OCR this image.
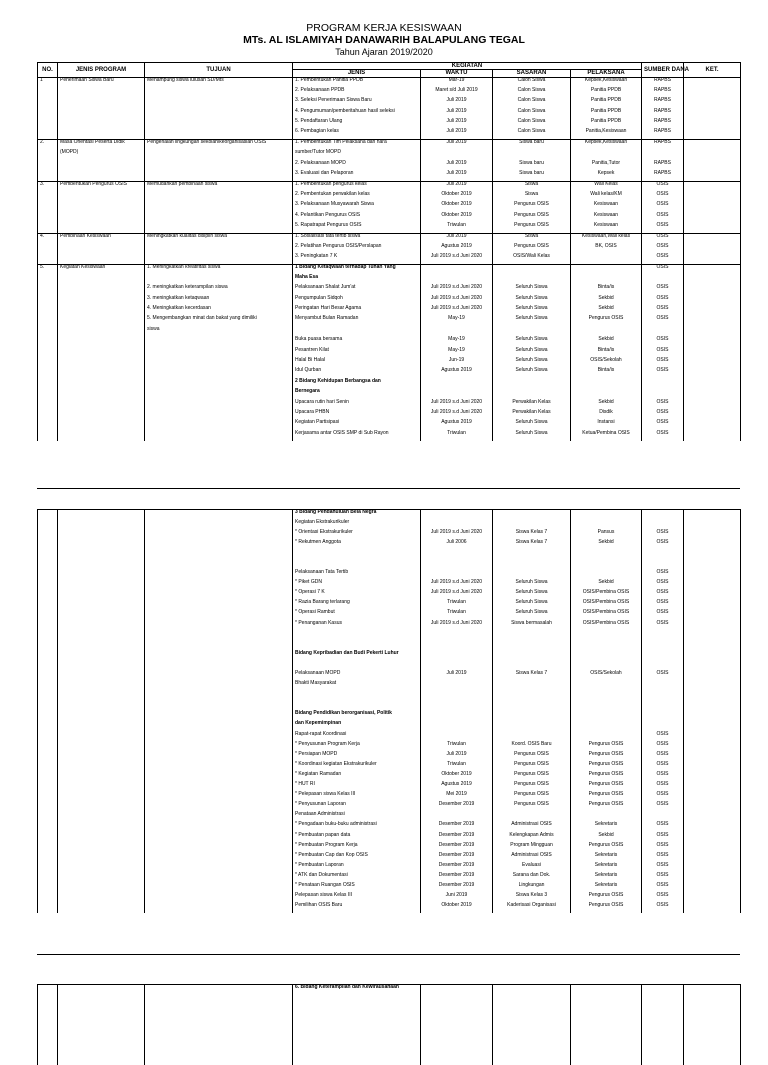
PROGRAM KERJA KESISWAAN
MTs. AL ISLAMIYAH DANAWARIH BALAPULANG TEGAL
Tahun Ajaran 2019/2020
NO.	JENIS PROGRAM	TUJUAN	KEGIATAN				SUMBER DANA	KET.
			JENIS	WAKTU	SASARAN	PELAKSANA		
1	Penerimaan Siswa Baru	Menampung siswa lulusan SD/Mts	1. Pembentukan Panitia PPDB	Mar-19	Calon Siswa	Kepsek,Kesiswaan	RAPBS	
			2. Pelaksanaan PPDB	Maret s/d Juli 2019	Calon Siswa	Panitia PPDB	RAPBS	
			3. Seleksi Penerimaan Siswa Baru	Juli 2019	Calon Siswa	Panitia PPDB	RAPBS	
			4. Pengumuman/pemberitahuan hasil seleksi	Juli 2019	Calon Siswa	Panitia PPDB	RAPBS	
			5. Pendaftaran Ulang	Juli 2019	Calon Siswa	Panitia PPDB	RAPBS	
			6. Pembagian kelas	Juli 2019	Calon Siswa	Panitia,Kesiswaan	RAPBS	
2.	Masa Orientasi Peserta Didik	Pengenalan lingkungan sekolah/keorganisasian OSIS	1. Pembentukan Tim Pelaksana dan nara	Juli 2019	Siswa baru	Kepsek,Kesiswaan	RAPBS	
	(MOPD)		sumber/Tutor MOPD					
			2. Pelaksanaan MOPD	Juli 2019	Siswa baru	Panitia,Tutor	RAPBS	
			3. Evaluasi dan Pelaporan	Juli 2019	Siswa baru	Kepsek	RAPBS	
3.	Pembentukan Pengurus OSIS	Memudahkan pembinaan siswa	1. Pembentukan pengurus kelas	Juli 2019	Siswa	Wali Kelas	OSIS	
			2. Pembentukan perwakilan kelas	Oktober 2019	Siswa	Wali kelas/KM	OSIS	
			3. Pelaksanaan Musyawarah Siswa	Oktober 2019	Pengurus OSIS	Kesiswaan	OSIS	
			4. Pelantikan Pengurus OSIS	Oktober 2019	Pengurus OSIS	Kesiswaan	OSIS	
			5. Rapatrapat Pengurus OSIS	Triwulan	Pengurus OSIS	Kesiswaan	OSIS	
4.	Pembinaan Kesiswaan	Meningkatkan kualitas disiplin siswa	1. Sosialisasi tata tertib siswa	Juli 2019	Siswa	Kesiswaan,Wali kelas	OSIS	
			2. Pelatihan Pengurus OSIS/Perslapan	Agustus 2019	Pengurus OSIS	BK, OSIS	OSIS	
			3. Peningkatan 7 K	Juli 2019 s.d Juni 2020	OSIS/Wali Kelas		OSIS	
5.	Kegiatan Kesiswaan	1. Meningkatkan kreatifitas siswa	1 Bidang Ketaqwaan terhadap Tuhan Yang				OSIS	
			Maha Esa					
		2. meningkatkan keterampilan siswa	Pelaksanaan Shalat Jum'at	Juli 2019 s.d Juni 2020	Seluruh Siswa	Binta/is	OSIS	
		3. meningkatkan ketaqwaan	Pengumpulan Sidqoh	Juli 2019 s.d Juni 2020	Seluruh Siswa	Sekbid	OSIS	
		4. Meningkatkan kecerdasan	Peringatan Hari Besar Agama	Juli 2019 s.d Juni 2020	Seluruh Siswa	Sekbid	OSIS	
		5. Mengembangkan minat dan bakat yang dimiliki	Menyambut Bulan Ramadan	May-19	Seluruh Siswa	Pengurus OSIS	OSIS	
		siswa						
			Buka puasa bersama	May-19	Seluruh Siswa	Sekbid	OSIS	
			Pesantren Kilat	May-19	Seluruh Siswa	Binta/is	OSIS	
			Halal Bi Halal	Jun-19	Seluruh Siswa	OSIS/Sekolah	OSIS	
			Idul Qurban	Agustus 2019	Seluruh Siswa	Binta/is	OSIS	
			2 Bidang Kehidupan Berbangsa dan					
			Bernegara					
			Upacara rutin hari Senin	Juli 2019 s.d Juni 2020	Perwakilan Kelas	Sekbid	OSIS	
			Upacara PHBN	Juli 2019 s.d Juni 2020	Perwakilan Kelas	Disdik	OSIS	
			Kegiatan Partisipasi	Agustus 2019	Seluruh Siswa	Instansi	OSIS	
			Kerjasama antar OSIS SMP di Sub Rayon	Triwulan	Seluruh Siswa	Ketua/Pembina OSIS	OSIS	
			3 Bidang Pendahuluan Bela Negra					
			Kegiatan Ekstrakurikuler					
			* Orientasi Ekstrakurikuler	Juli 2019 s.d Juni 2020	Siswa Kelas 7	Pansus	OSIS	
			* Rekutmen Anggota	Juli 2006	Siswa Kelas 7	Sekbid	OSIS	

			Pelaksanaan Tata Tertib				OSIS	
			* Piket GDN	Juli 2019 s.d Juni 2020	Seluruh Siswa	Sekbid	OSIS	
			* Operasi 7 K	Juli 2019 s.d Juni 2020	Seluruh Siswa	OSIS/Pembina OSIS	OSIS	
			* Razia Barang terlarang	Triwulan	Seluruh Siswa	OSIS/Pembina OSIS	OSIS	
			* Operasi Rambut	Triwulan	Seluruh Siswa	OSIS/Pembina OSIS	OSIS	
			* Penanganan Kasus	Juli 2019 s.d Juni 2020	Siswa bermasalah	OSIS/Pembina OSIS	OSIS	

			Bidang Kepribadian dan Budi Pekerti Luhur					

			Pelaksanaan MOPD	Juli 2019	Siswa Kelas 7	OSIS/Sekolah	OSIS	
			Bhakti Masyarakat					

			Bidang Pendidikan berorganisasi, Politik					
			dan Kepemimpinan					
			Rapat-rapat Koordinasi				OSIS	
			* Penyusunan Program Kerja	Triwulan	Koord. OSIS Baru	Pengurus OSIS	OSIS	
			* Persiapan MOPD	Juli 2019	Pengurus OSIS	Pengurus OSIS	OSIS	
			* Koordinasi kegiatan Ekstrakurikuler	Triwulan	Pengurus OSIS	Pengurus OSIS	OSIS	
			* Kegiatan Ramadan	Oktober 2019	Pengurus OSIS	Pengurus OSIS	OSIS	
			* HUT RI	Agustus 2019	Pengurus OSIS	Pengurus OSIS	OSIS	
			* Pelepasan siswa Kelas III	Mei 2019	Pengurus OSIS	Pengurus OSIS	OSIS	
			* Penyusunan Laporan	Desember 2019	Pengurus OSIS	Pengurus OSIS	OSIS	
			Penataan Administrasi					
			* Pengadaan buku-buku administrasi	Desember 2019	Administrasi OSIS	Sekretaris	OSIS	
			* Pembuatan papan data	Desember 2019	Kelengkapan Admis	Sekbid	OSIS	
			* Pembuatan Program Kerja	Desember 2019	Program Mingguan	Pengurus OSIS	OSIS	
			* Pembuatan Cap dan Kop OSIS	Desember 2019	Administrasi OSIS	Sekretaris	OSIS	
			* Pembuatan Laporan	Desember 2019	Evaluasi	Sekretaris	OSIS	
			* ATK dan Dokumentasi	Desember 2019	Sarana dan Dok.	Sekretaris	OSIS	
			* Penataan Ruangan OSIS	Desember 2019	Lingkungan	Sekretaris	OSIS	
			Pelepasan siswa Kelas III	Juni 2019	Siswa Kelas 3	Pengurus OSIS	OSIS	
			Pemilihan OSIS Baru	Oktober 2019	Kaderisasi Organisasi	Pengurus OSIS	OSIS	
			6. Bidang Keterampilan dan Kewirausahaan					
